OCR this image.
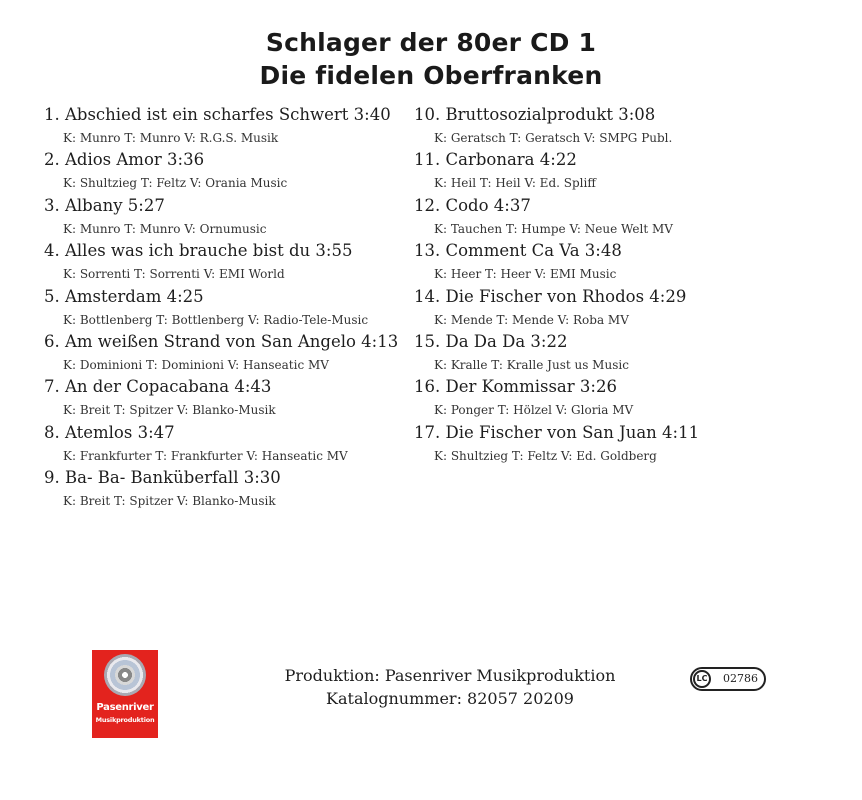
Schlager der 80er CD 1
Die fidelen Oberfranken
1. Abschied ist ein scharfes Schwert 3:40
K: Munro T: Munro V: R.G.S. Musik
2. Adios Amor 3:36
K: Shultzieg T: Feltz V: Orania Music
3. Albany 5:27
K: Munro T: Munro V: Ornumusic
4. Alles was ich brauche bist du 3:55
K: Sorrenti T: Sorrenti V: EMI World
5. Amsterdam 4:25
K: Bottlenberg T: Bottlenberg V: Radio-Tele-Music
6. Am weißen Strand von San Angelo 4:13
K: Dominioni T: Dominioni V: Hanseatic MV
7. An der Copacabana 4:43
K: Breit T: Spitzer V: Blanko-Musik
8. Atemlos 3:47
K: Frankfurter T: Frankfurter V: Hanseatic MV
9. Ba- Ba- Banküberfall 3:30
K: Breit T: Spitzer V: Blanko-Musik
10. Bruttosozialprodukt 3:08
K: Geratsch T: Geratsch V: SMPG Publ.
11. Carbonara 4:22
K: Heil T: Heil V: Ed. Spliff
12. Codo 4:37
K: Tauchen T: Humpe V: Neue Welt MV
13. Comment Ca Va 3:48
K: Heer T: Heer V: EMI Music
14. Die Fischer von Rhodos 4:29
K: Mende T: Mende V: Roba MV
15. Da Da Da 3:22
K: Kralle T: Kralle Just us Music
16. Der Kommissar 3:26
K: Ponger T: Hölzel V: Gloria MV
17. Die Fischer von San Juan 4:11
K: Shultzieg T: Feltz V: Ed. Goldberg
Pasenriver
Musikproduktion
Produktion: Pasenriver Musikproduktion
Katalognummer: 82057 20209
LC	02786
